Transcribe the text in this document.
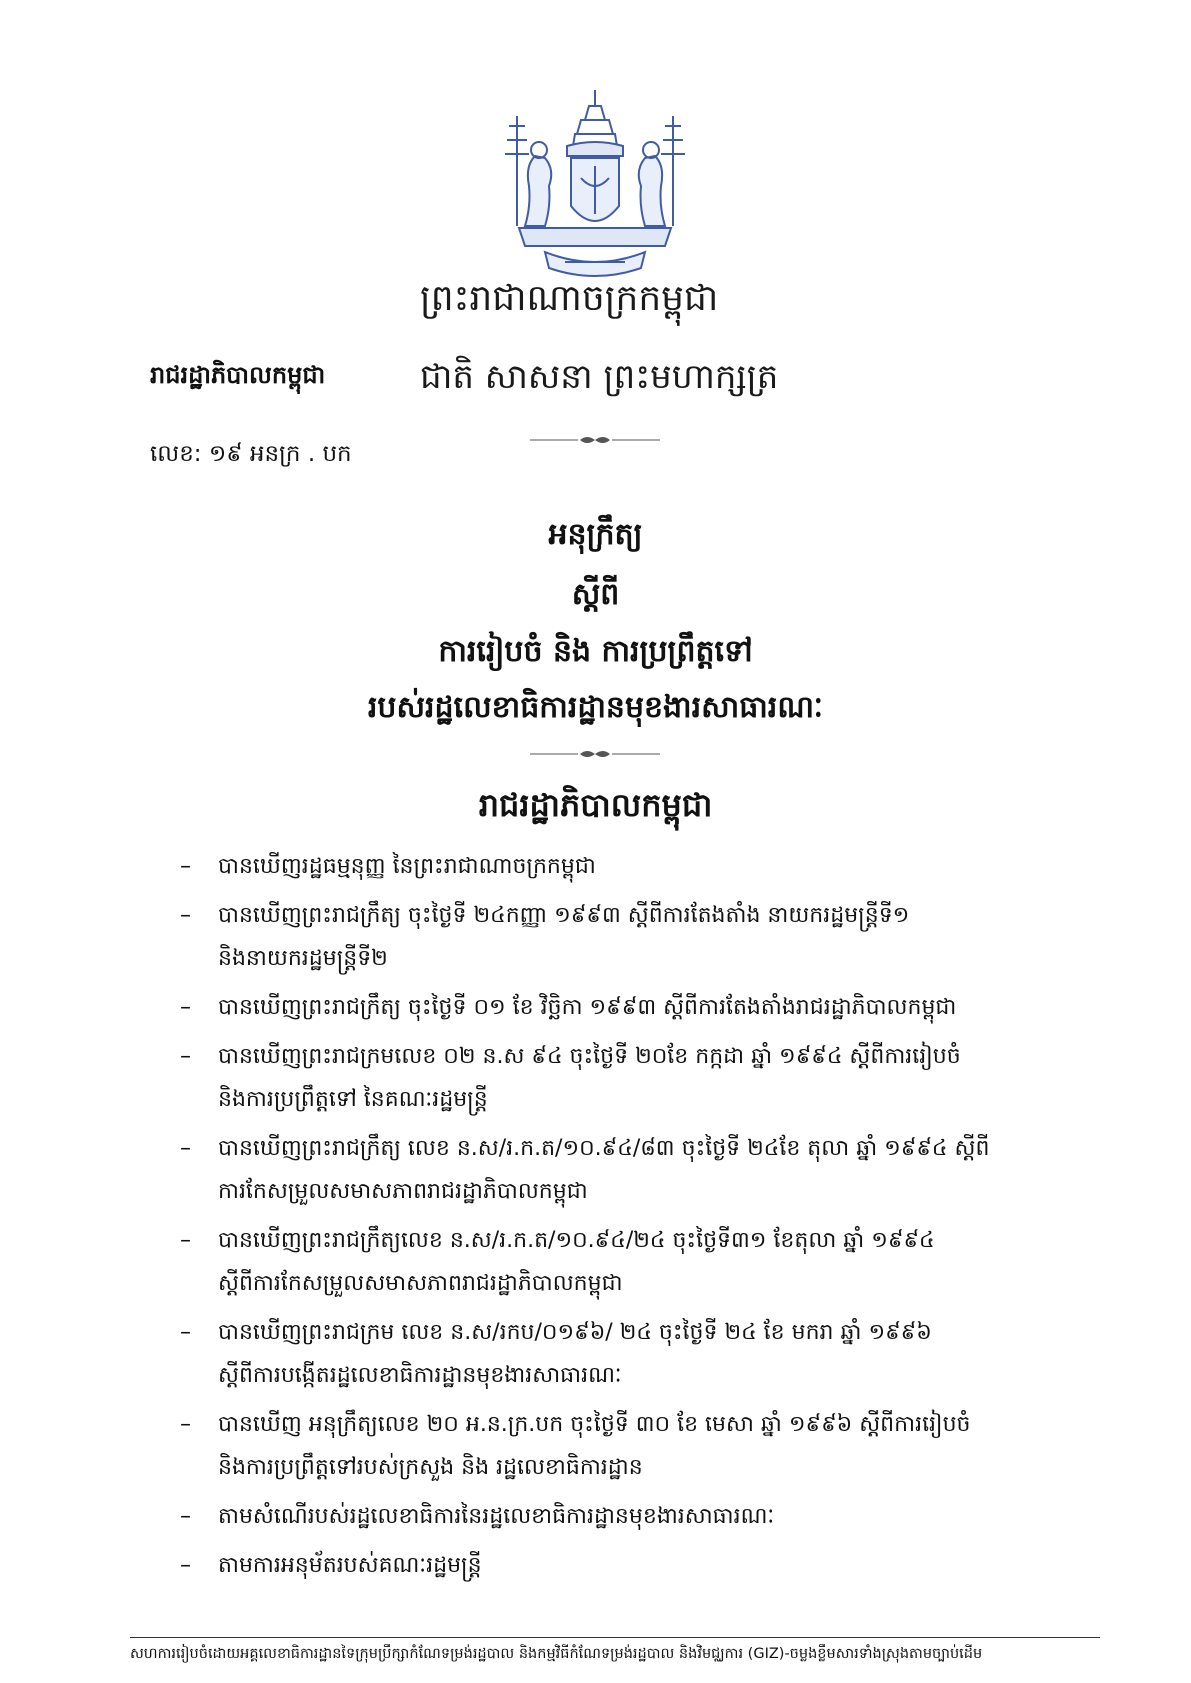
ព្រះរាជាណាចក្រកម្ពុជា
ជាតិ សាសនា ព្រះមហាក្សត្រ
រាជរដ្ឋាភិបាលកម្ពុជា
លេខ: ១៩ អនក្រ . បក
អនុក្រឹត្យ
ស្តីពី
ការរៀបចំ និង ការប្រព្រឹត្តទៅ
របស់រដ្ឋលេខាធិការដ្ឋានមុខងារសាធារណៈ
រាជរដ្ឋាភិបាលកម្ពុជា
– បានឃើញរដ្ឋធម្មនុញ្ញ នៃព្រះរាជាណាចក្រកម្ពុជា
– បានឃើញព្រះរាជក្រឹត្យ ចុះថ្ងៃទី ២៤កញ្ញា ១៩៩៣ ស្តីពីការតែងតាំង នាយករដ្ឋមន្ត្រីទី១
និងនាយករដ្ឋមន្ត្រីទី២
– បានឃើញព្រះរាជក្រឹត្យ ចុះថ្ងៃទី ០១ ខែ វិច្ឆិកា ១៩៩៣ ស្តីពីការតែងតាំងរាជរដ្ឋាភិបាលកម្ពុជា
– បានឃើញព្រះរាជក្រមលេខ ០២ ន.ស ៩៤ ចុះថ្ងៃទី ២០ខែ កក្កដា ឆ្នាំ ១៩៩៤ ស្តីពីការរៀបចំ
និងការប្រព្រឹត្តទៅ នៃគណៈរដ្ឋមន្ត្រី
– បានឃើញព្រះរាជក្រឹត្យ លេខ ន.ស/រ.ក.ត/១០.៩៤/៨៣ ចុះថ្ងៃទី ២៤ខែ តុលា ឆ្នាំ ១៩៩៤ ស្តីពី
ការកែសម្រួលសមាសភាពរាជរដ្ឋាភិបាលកម្ពុជា
– បានឃើញព្រះរាជក្រឹត្យលេខ ន.ស/រ.ក.ត/១០.៩៤/២៤ ចុះថ្ងៃទី៣១ ខែតុលា ឆ្នាំ ១៩៩៤
ស្តីពីការកែសម្រួលសមាសភាពរាជរដ្ឋាភិបាលកម្ពុជា
– បានឃើញព្រះរាជក្រម លេខ ន.ស/រកប/០១៩៦/ ២៤ ចុះថ្ងៃទី ២៤ ខែ មករា ឆ្នាំ ១៩៩៦
ស្តីពីការបង្កើតរដ្ឋលេខាធិការដ្ឋានមុខងារសាធារណៈ
– បានឃើញ អនុក្រឹត្យលេខ ២០ អ.ន.ក្រ.បក ចុះថ្ងៃទី ៣០ ខែ មេសា ឆ្នាំ ១៩៩៦ ស្តីពីការរៀបចំ
និងការប្រព្រឹត្តទៅរបស់ក្រសួង និង រដ្ឋលេខាធិការដ្ឋាន
– តាមសំណើរបស់រដ្ឋលេខាធិការនៃរដ្ឋលេខាធិការដ្ឋានមុខងារសាធារណៈ
– តាមការអនុម័តរបស់គណៈរដ្ឋមន្ត្រី
សហការរៀបចំដោយអគ្គលេខាធិការដ្ឋានទៃក្រុមប្រឹក្សាកំណែទម្រង់រដ្ឋបាល និងកម្មវិធីកំណែទម្រង់រដ្ឋបាល និងវិមជ្ឈការ (GIZ)-ចម្លងខ្លឹមសារទាំងស្រុងតាមច្បាប់ដើម
